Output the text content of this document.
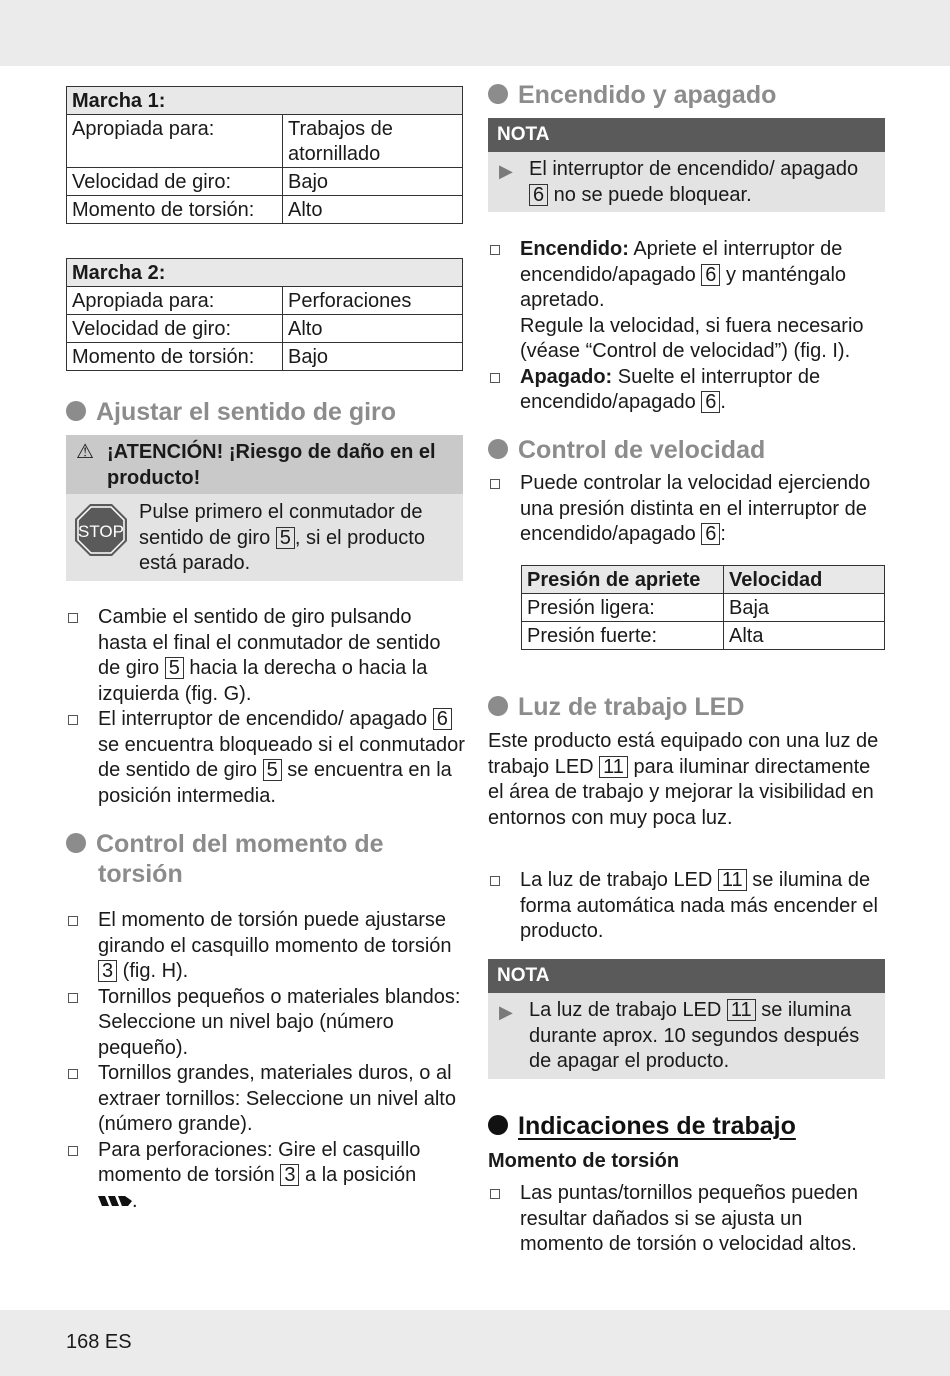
168 ES
Marcha 1:	
Apropiada para:	Trabajos de atornillado
Velocidad de giro:	Bajo
Momento de torsión:	Alto
Marcha 2:	
Apropiada para:	Perforaciones
Velocidad de giro:	Alto
Momento de torsión:	Bajo
Ajustar el sentido de giro
⚠ ¡ATENCIÓN! ¡Riesgo de daño en el producto!
STOP
Pulse primero el conmutador de sentido de giro 5 , si el producto está parado.
Cambie el sentido de giro pulsando hasta el final el conmutador de sentido de giro 5 hacia la derecha o hacia la izquierda (fig. G).
El interruptor de encendido/ apagado 6 se encuentra bloqueado si el conmutador de sentido de giro 5 se encuentra en la posición intermedia.
Control del momento de
torsión
El momento de torsión puede ajustarse girando el casquillo momento de torsión 3 (fig. H).
Tornillos pequeños o materiales blandos: Seleccione un nivel bajo (número pequeño).
Tornillos grandes, materiales duros, o al extraer tornillos: Seleccione un nivel alto (número grande).
Para perforaciones: Gire el casquillo momento de torsión 3 a la posición
.
Encendido y apagado
NOTA
▶ El interruptor de encendido/ apagado 6 no se puede bloquear.
Encendido: Apriete el interruptor de encendido/apagado 6 y manténgalo apretado.
Regule la velocidad, si fuera necesario (véase “Control de velocidad”) (fig. I).
Apagado: Suelte el interruptor de encendido/apagado 6 .
Control de velocidad
Puede controlar la velocidad ejerciendo una presión distinta en el interruptor de encendido/apagado 6 :
Presión de apriete	Velocidad
Presión ligera:	Baja
Presión fuerte:	Alta
Luz de trabajo LED
Este producto está equipado con una luz de trabajo LED 11 para iluminar directamente el área de trabajo y mejorar la visibilidad en entornos con muy poca luz.
La luz de trabajo LED 11 se ilumina de forma automática nada más encender el producto.
NOTA
▶ La luz de trabajo LED 11 se ilumina durante aprox. 10 segundos después de apagar el producto.
Indicaciones de trabajo
Momento de torsión
Las puntas/tornillos pequeños pueden resultar dañados si se ajusta un momento de torsión o velocidad altos.
